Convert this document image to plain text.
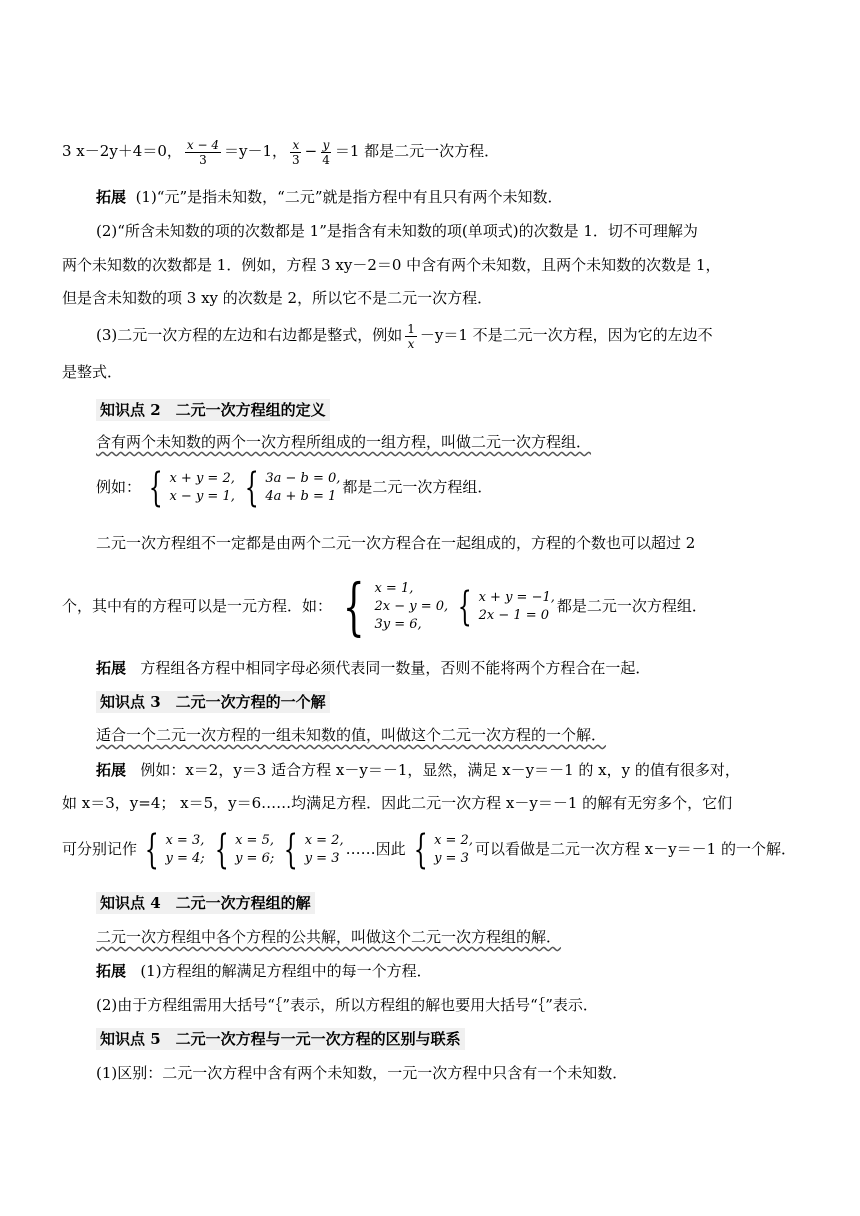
3 x－2y＋4＝0， $\frac{x - 4}{3} =y-1$， $\frac{x}{3} - \frac{y}{4} =1$ 都是二元一次方程．
拓展 (1)“元”是指未知数，“二元”就是指方程中有且只有两个未知数．
(2)“所含未知数的项的次数都是 1”是指含有未知数的项(单项式)的次数是 1．切不可理解为
两个未知数的次数都是 1．例如，方程 3 xy－2＝0 中含有两个未知数，且两个未知数的次数是 1，
但是含未知数的项 3 xy 的次数是 2，所以它不是二元一次方程．
(3)二元一次方程的左边和右边都是整式，例如 $\frac{1}{x} -y=1$ 不是二元一次方程，因为它的左边不
是整式．
知识点 2　二元一次方程组的定义
含有两个未知数的两个一次方程所组成的一组方程，叫做二元一次方程组．
例如： { x + y = 2,
x − y = 1, { 3a − b = 0,
4a + b = 1
都是二元一次方程组．
二元一次方程组不一定都是由两个二元一次方程合在一起组成的，方程的个数也可以超过 2
个，其中有的方程可以是一元方程．如： { x = 1,
2x − y = 0,
3y = 6, { x + y = −1,
2x − 1 = 0
都是二元一次方程组．
拓展 方程组各方程中相同字母必须代表同一数量，否则不能将两个方程合在一起．
知识点 3　二元一次方程的一个解
适合一个二元一次方程的一组未知数的值，叫做这个二元一次方程的一个解．
拓展 例如：x＝2，y＝3 适合方程 x－y＝－1，显然，满足 x－y＝－1 的 x，y 的值有很多对，
如 x＝3，y=4； x＝5，y＝6……均满足方程．因此二元一次方程 x－y＝－1 的解有无穷多个，它们
可分别记作 { x = 3,
y = 4; { x = 5,
y = 6; { x = 2,
y = 3
……因此 { x = 2,
y = 3
可以看做是二元一次方程 x－y＝－1 的一个解．
知识点 4　二元一次方程组的解
二元一次方程组中各个方程的公共解，叫做这个二元一次方程组的解．
拓展 (1)方程组的解满足方程组中的每一个方程．
(2)由于方程组需用大括号“｛”表示，所以方程组的解也要用大括号“｛”表示．
知识点 5　二元一次方程与一元一次方程的区别与联系
(1)区别：二元一次方程中含有两个未知数，一元一次方程中只含有一个未知数．
